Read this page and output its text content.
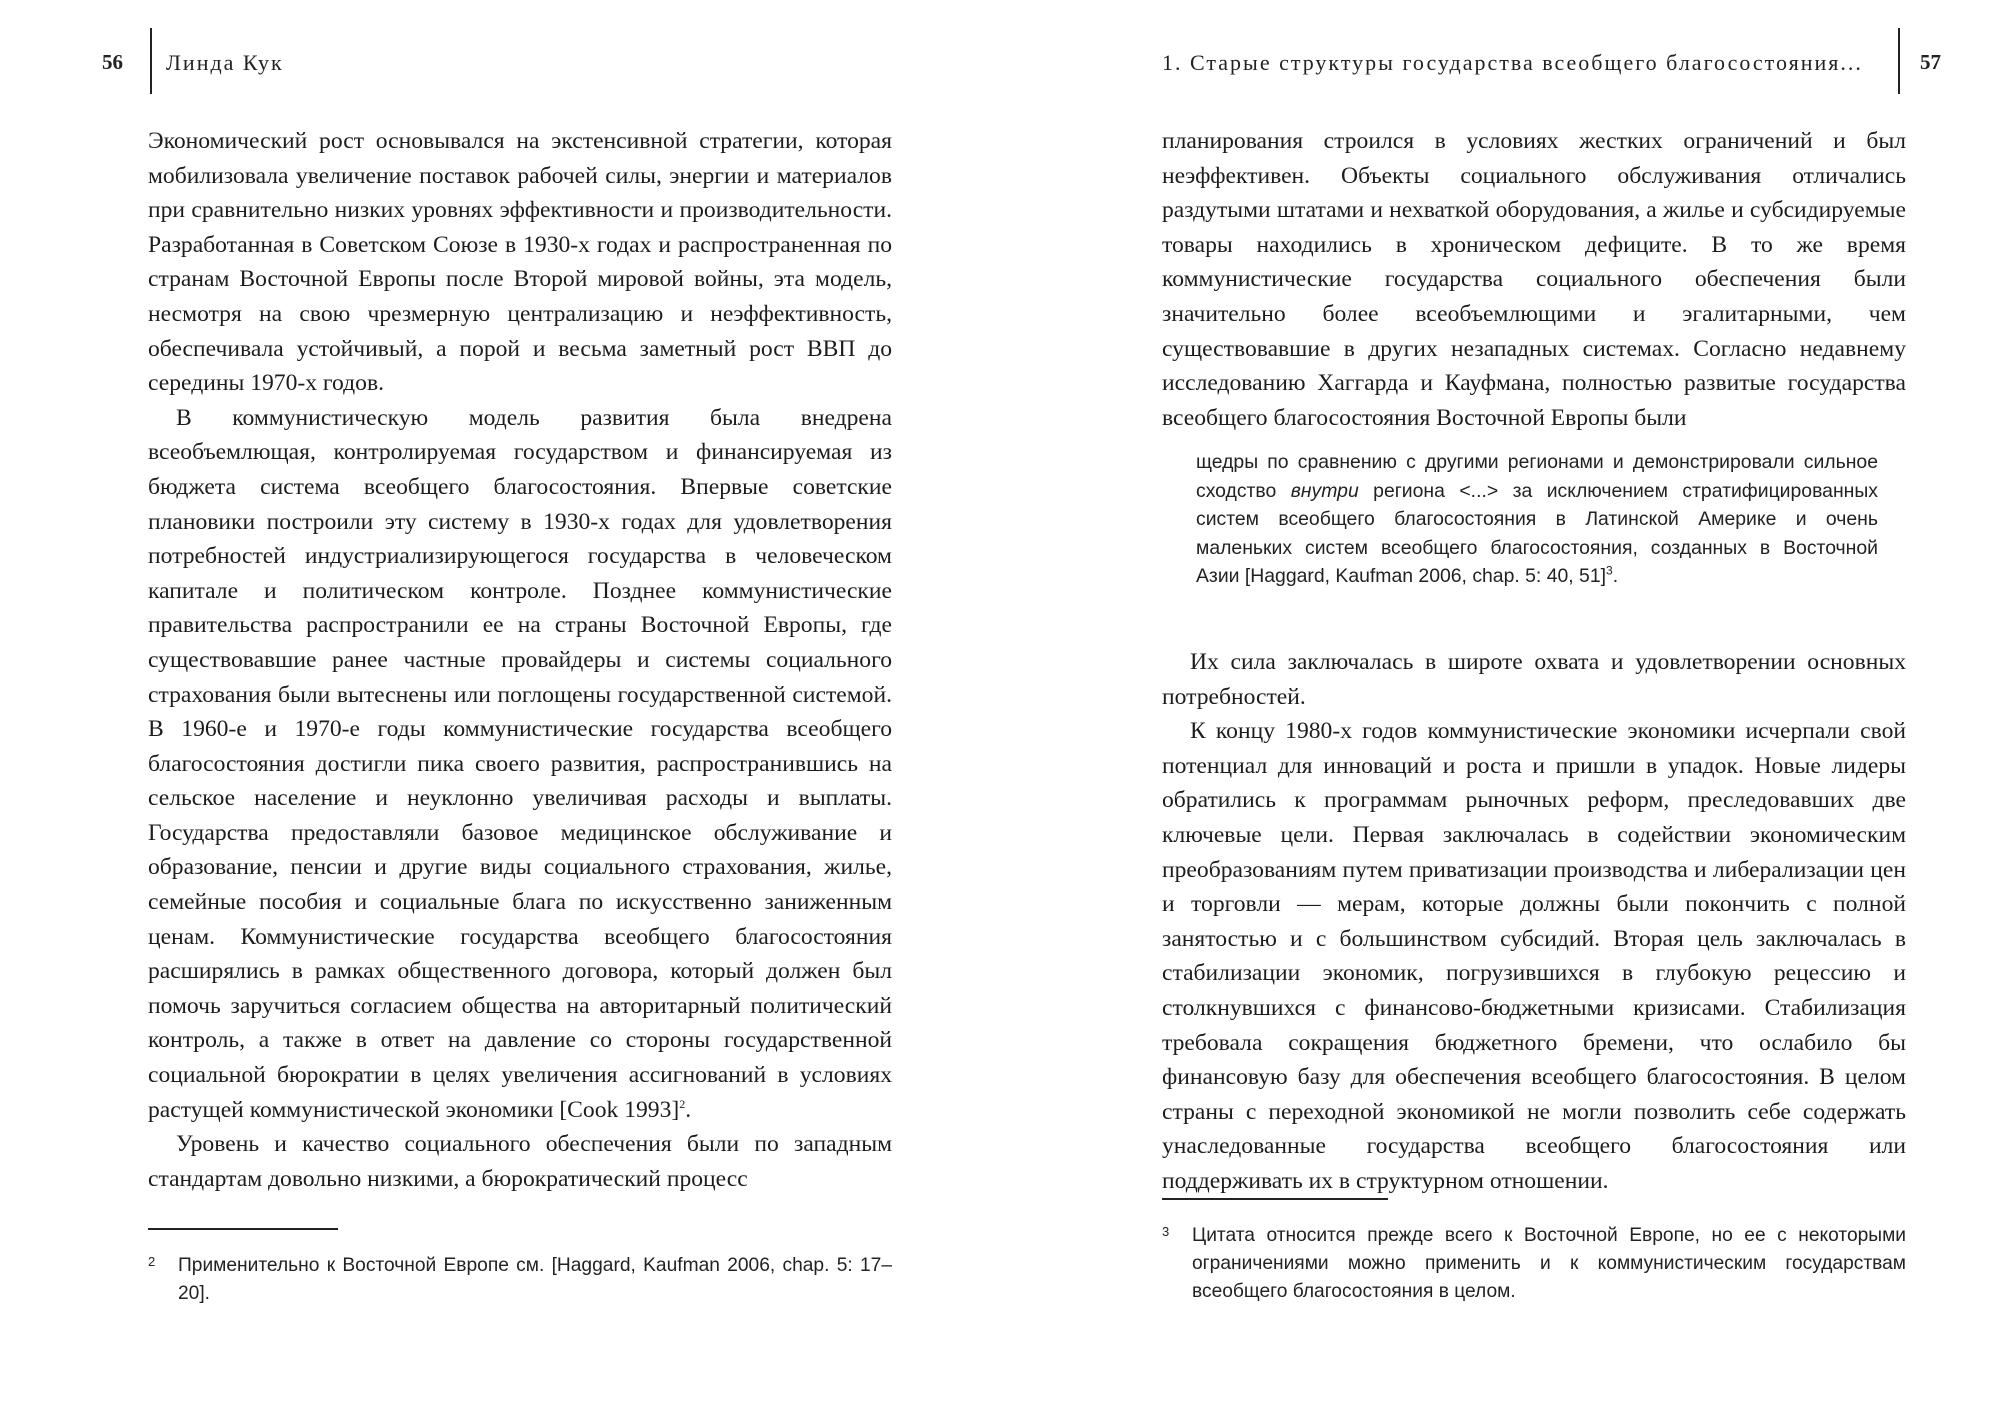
56 Линда Кук

Экономический рост основывался на экстенсивной стратегии, которая мобилизовала увеличение поставок рабочей силы, энергии и материалов при сравнительно низких уровнях эффективности и производительности. Разработанная в Советском Союзе в 1930-х годах и распространенная по странам Восточной Европы после Второй мировой войны, эта модель, несмотря на свою чрезмерную централизацию и неэффективность, обеспечивала устойчивый, а порой и весьма заметный рост ВВП до середины 1970-х годов.

В коммунистическую модель развития была внедрена всеобъемлющая, контролируемая государством и финансируемая из бюджета система всеобщего благосостояния. Впервые советские плановики построили эту систему в 1930-х годах для удовлетворения потребностей индустриализирующегося государства в человеческом капитале и политическом контроле. Позднее коммунистические правительства распространили ее на страны Восточной Европы, где существовавшие ранее частные провайдеры и системы социального страхования были вытеснены или поглощены государственной системой. В 1960-е и 1970-е годы коммунистические государства всеобщего благосостояния достигли пика своего развития, распространившись на сельское население и неуклонно увеличивая расходы и выплаты. Государства предоставляли базовое медицинское обслуживание и образование, пенсии и другие виды социального страхования, жилье, семейные пособия и социальные блага по искусственно заниженным ценам. Коммунистические государства всеобщего благосостояния расширялись в рамках общественного договора, который должен был помочь заручиться согласием общества на авторитарный политический контроль, а также в ответ на давление со стороны государственной социальной бюрократии в целях увеличения ассигнований в условиях растущей коммунистической экономики [Cook 1993]$^2$.

Уровень и качество социального обеспечения были по западным стандартам довольно низкими, а бюрократический процесс

2 Применительно к Восточной Европе см. [Haggard, Kaufman 2006, chap. 5: 17–20].
1. Старые структуры государства всеобщего благосостояния...	57

планирования строился в условиях жестких ограничений и был неэффективен. Объекты социального обслуживания отличались раздутыми штатами и нехваткой оборудования, а жилье и субсидируемые товары находились в хроническом дефиците. В то же время коммунистические государства социального обеспечения были значительно более всеобъемлющими и эгалитарными, чем существовавшие в других незападных системах. Согласно недавнему исследованию Хаггарда и Кауфмана, полностью развитые государства всеобщего благосостояния Восточной Европы были

щедры по сравнению с другими регионами и демонстрировали сильное сходство внутри региона <...> за исключением стратифицированных систем всеобщего благосостояния в Латинской Америке и очень маленьких систем всеобщего благосостояния, созданных в Восточной Азии [Haggard, Kaufman 2006, chap. 5: 40, 51]$^3$.

Их сила заключалась в широте охвата и удовлетворении основных потребностей.

К концу 1980-х годов коммунистические экономики исчерпали свой потенциал для инноваций и роста и пришли в упадок. Новые лидеры обратились к программам рыночных реформ, преследовавших две ключевые цели. Первая заключалась в содействии экономическим преобразованиям путем приватизации производства и либерализации цен и торговли — мерам, которые должны были покончить с полной занятостью и с большинством субсидий. Вторая цель заключалась в стабилизации экономик, погрузившихся в глубокую рецессию и столкнувшихся с финансово-бюджетными кризисами. Стабилизация требовала сокращения бюджетного бремени, что ослабило бы финансовую базу для обеспечения всеобщего благосостояния. В целом страны с переходной экономикой не могли позволить себе содержать унаследованные государства всеобщего благосостояния или поддерживать их в структурном отношении.

3 Цитата относится прежде всего к Восточной Европе, но ее с некоторыми ограничениями можно применить и к коммунистическим государствам всеобщего благосостояния в целом.
